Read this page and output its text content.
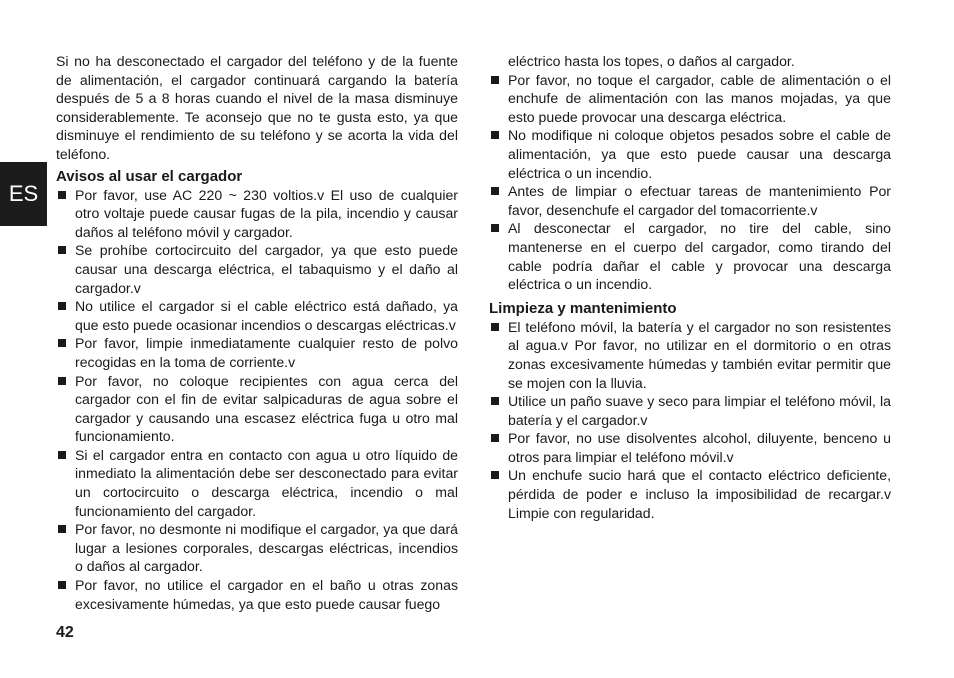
ES

Si no ha desconectado el cargador del teléfono y de la fuente de alimentación, el cargador continuará cargando la batería después de 5 a 8 horas cuando el nivel de la masa disminuye considerablemente. Te aconsejo que no te gusta esto, ya que disminuye el rendimiento de su teléfono y se acorta la vida del teléfono.

Avisos al usar el cargador
Por favor, use AC 220 ~ 230 voltios.v El uso de cualquier otro voltaje puede causar fugas de la pila, incendio y causar daños al teléfono móvil y cargador.
Se prohíbe cortocircuito del cargador, ya que esto puede causar una descarga eléctrica, el tabaquismo y el daño al cargador.v
No utilice el cargador si el cable eléctrico está dañado, ya que esto puede ocasionar incendios o descargas eléctricas.v
Por favor, limpie inmediatamente cualquier resto de polvo recogidas en la toma de corriente.v
Por favor, no coloque recipientes con agua cerca del cargador con el fin de evitar salpicaduras de agua sobre el cargador y causando una escasez eléctrica fuga u otro mal funcionamiento.
Si el cargador entra en contacto con agua u otro líquido de inmediato la alimentación debe ser desconectado para evitar un cortocircuito o descarga eléctrica, incendio o mal funcionamiento del cargador.
Por favor, no desmonte ni modifique el cargador, ya que dará lugar a lesiones corporales, descargas eléctricas, incendios o daños al cargador.
Por favor, no utilice el cargador en el baño u otras zonas excesivamente húmedas, ya que esto puede causar fuego
eléctrico hasta los topes, o daños al cargador.
Por favor, no toque el cargador, cable de alimentación o el enchufe de alimentación con las manos mojadas, ya que esto puede provocar una descarga eléctrica.
No modifique ni coloque objetos pesados sobre el cable de alimentación, ya que esto puede causar una descarga eléctrica o un incendio.
Antes de limpiar o efectuar tareas de mantenimiento Por favor, desenchufe el cargador del tomacorriente.v
Al desconectar el cargador, no tire del cable, sino mantenerse en el cuerpo del cargador, como tirando del cable podría dañar el cable y provocar una descarga eléctrica o un incendio.
Limpieza y mantenimiento
El teléfono móvil, la batería y el cargador no son resistentes al agua.v Por favor, no utilizar en el dormitorio o en otras zonas excesivamente húmedas y también evitar permitir que se mojen con la lluvia.
Utilice un paño suave y seco para limpiar el teléfono móvil, la batería y el cargador.v
Por favor, no use disolventes alcohol, diluyente, benceno u otros para limpiar el teléfono móvil.v
Un enchufe sucio hará que el contacto eléctrico deficiente, pérdida de poder e incluso la imposibilidad de recargar.v Limpie con regularidad.
42
